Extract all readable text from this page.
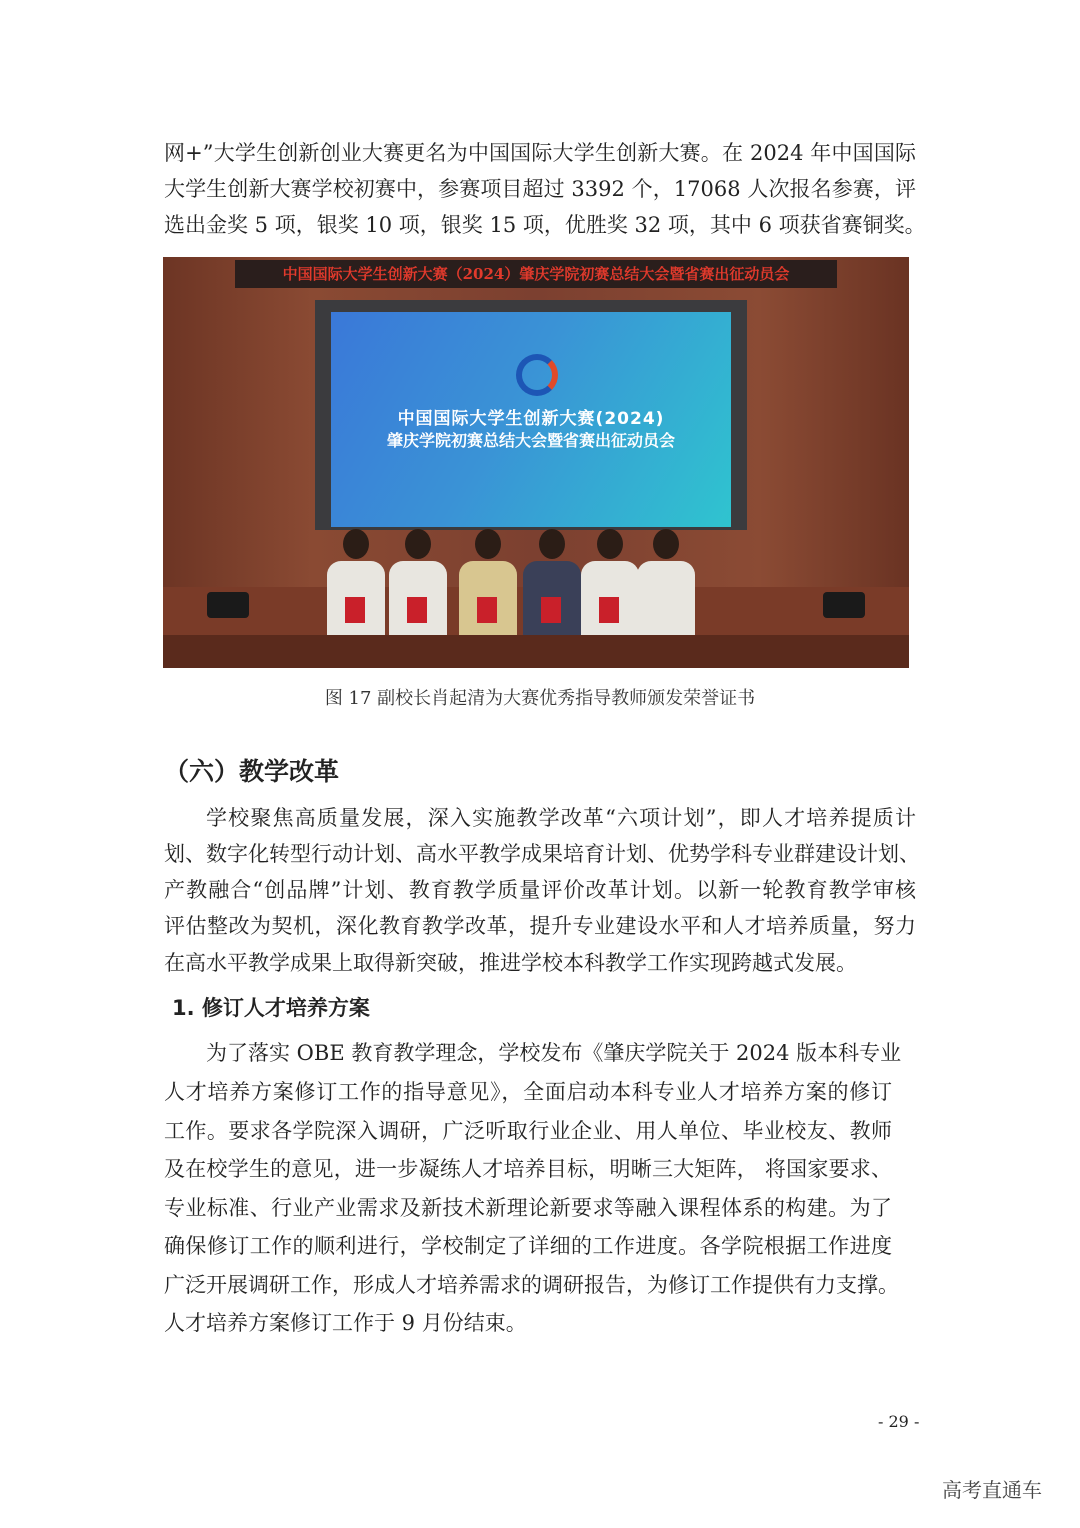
网+”大学生创新创业大赛更名为中国国际大学生创新大赛。在 2024 年中国国际
大学生创新大赛学校初赛中，参赛项目超过 3392 个，17068 人次报名参赛，评
选出金奖 5 项，银奖 10 项，银奖 15 项，优胜奖 32 项，其中 6 项获省赛铜奖。
中国国际大学生创新大赛（2024）肇庆学院初赛总结大会暨省赛出征动员会
中国国际大学生创新大赛(2024)
肇庆学院初赛总结大会暨省赛出征动员会
图 17 副校长肖起清为大赛优秀指导教师颁发荣誉证书
（六）教学改革
学校聚焦高质量发展，深入实施教学改革“六项计划”，即人才培养提质计
划、数字化转型行动计划、高水平教学成果培育计划、优势学科专业群建设计划、
产教融合“创品牌”计划、教育教学质量评价改革计划。以新一轮教育教学审核
评估整改为契机，深化教育教学改革，提升专业建设水平和人才培养质量，努力
在高水平教学成果上取得新突破，推进学校本科教学工作实现跨越式发展。
1. 修订人才培养方案
为了落实 OBE 教育教学理念，学校发布《肇庆学院关于 2024 版本科专业
人才培养方案修订工作的指导意见》，全面启动本科专业人才培养方案的修订
工作。要求各学院深入调研，广泛听取行业企业、用人单位、毕业校友、教师
及在校学生的意见，进一步凝练人才培养目标，明晰三大矩阵， 将国家要求、
专业标准、行业产业需求及新技术新理论新要求等融入课程体系的构建。为了
确保修订工作的顺利进行，学校制定了详细的工作进度。各学院根据工作进度
广泛开展调研工作，形成人才培养需求的调研报告，为修订工作提供有力支撑。
人才培养方案修订工作于 9 月份结束。
- 29 -
高考直通车
